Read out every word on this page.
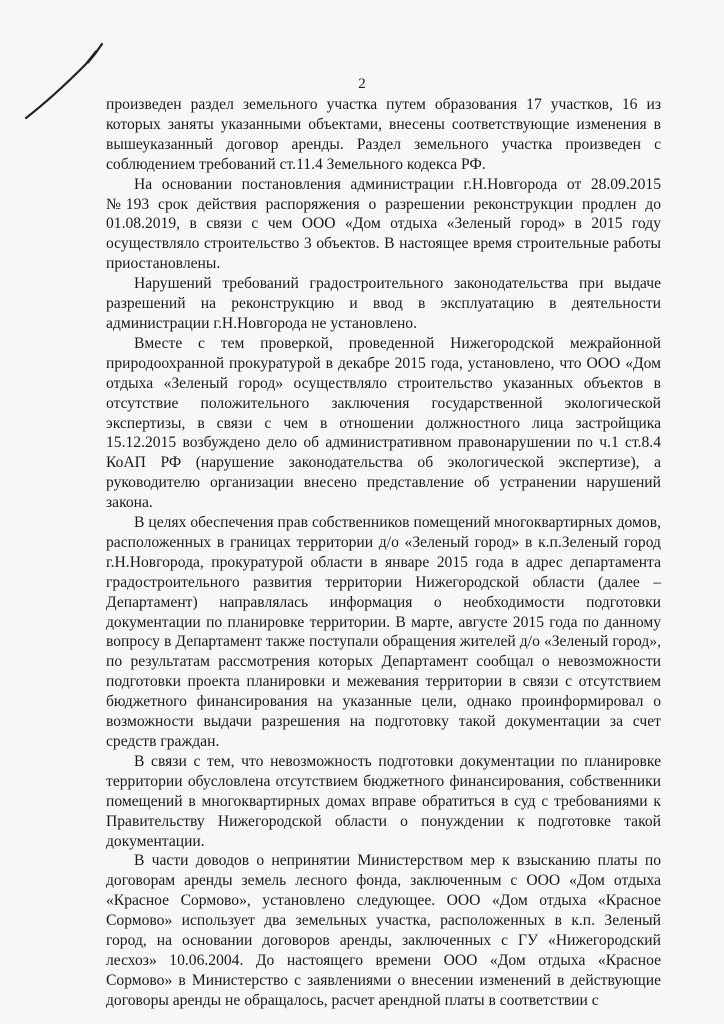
2

произведен раздел земельного участка путем образования 17 участков, 16 из которых заняты указанными объектами, внесены соответствующие изменения в вышеуказанный договор аренды. Раздел земельного участка произведен с соблюдением требований ст.11.4 Земельного кодекса РФ.

На основании постановления администрации г.Н.Новгорода от 28.09.2015 №193 срок действия распоряжения о разрешении реконструкции продлен до 01.08.2019, в связи с чем ООО «Дом отдыха «Зеленый город» в 2015 году осуществляло строительство 3 объектов. В настоящее время строительные работы приостановлены.

Нарушений требований градостроительного законодательства при выдаче разрешений на реконструкцию и ввод в эксплуатацию в деятельности администрации г.Н.Новгорода не установлено.

Вместе с тем проверкой, проведенной Нижегородской межрайонной природоохранной прокуратурой в декабре 2015 года, установлено, что ООО «Дом отдыха «Зеленый город» осуществляло строительство указанных объектов в отсутствие положительного заключения государственной экологической экспертизы, в связи с чем в отношении должностного лица застройщика 15.12.2015 возбуждено дело об административном правонарушении по ч.1 ст.8.4 КоАП РФ (нарушение законодательства об экологической экспертизе), а руководителю организации внесено представление об устранении нарушений закона.

В целях обеспечения прав собственников помещений многоквартирных домов, расположенных в границах территории д/о «Зеленый город» в к.п.Зеленый город г.Н.Новгорода, прокуратурой области в январе 2015 года в адрес департамента градостроительного развития территории Нижегородской области (далее – Департамент) направлялась информация о необходимости подготовки документации по планировке территории. В марте, августе 2015 года по данному вопросу в Департамент также поступали обращения жителей д/о «Зеленый город», по результатам рассмотрения которых Департамент сообщал о невозможности подготовки проекта планировки и межевания территории в связи с отсутствием бюджетного финансирования на указанные цели, однако проинформировал о возможности выдачи разрешения на подготовку такой документации за счет средств граждан.

В связи с тем, что невозможность подготовки документации по планировке территории обусловлена отсутствием бюджетного финансирования, собственники помещений в многоквартирных домах вправе обратиться в суд с требованиями к Правительству Нижегородской области о понуждении к подготовке такой документации.

В части доводов о непринятии Министерством мер к взысканию платы по договорам аренды земель лесного фонда, заключенным с ООО «Дом отдыха «Красное Сормово», установлено следующее. ООО «Дом отдыха «Красное Сормово» использует два земельных участка, расположенных в к.п. Зеленый город, на основании договоров аренды, заключенных с ГУ «Нижегородский лесхоз» 10.06.2004. До настоящего времени ООО «Дом отдыха «Красное Сормово» в Министерство с заявлениями о внесении изменений в действующие договоры аренды не обращалось, расчет арендной платы в соответствии с
